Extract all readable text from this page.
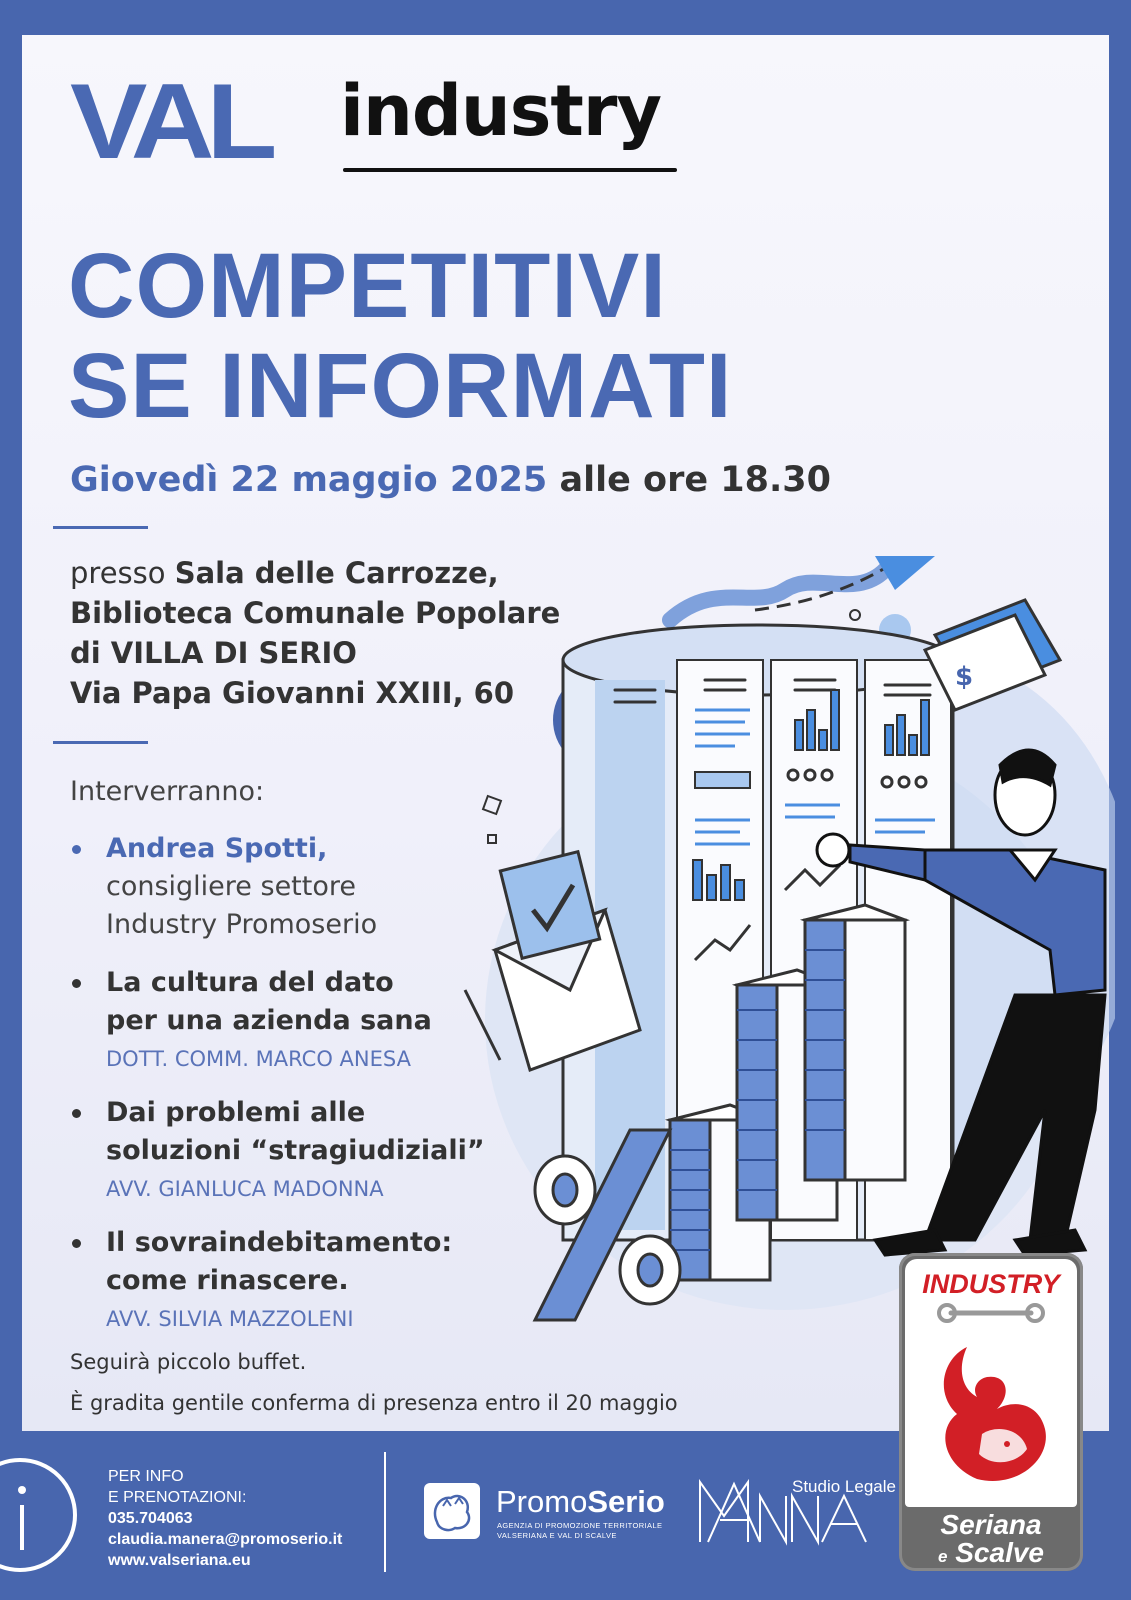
VAL industry
COMPETITIVI
SE INFORMATI
Giovedì 22 maggio 2025 alle ore 18.30
presso Sala delle Carrozze,
Biblioteca Comunale Popolare
di VILLA DI SERIO
Via Papa Giovanni XXIII, 60
Interverranno:
Andrea Spotti,
consigliere settore
Industry Promoserio
La cultura del dato
per una azienda sana
DOTT. COMM. MARCO ANESA
Dai problemi alle
soluzioni “stragiudiziali”
AVV. GIANLUCA MADONNA
Il sovraindebitamento:
come rinascere.
AVV. SILVIA MAZZOLENI
Seguirà piccolo buffet.
È gradita gentile conferma di presenza entro il 20 maggio
$
INDUSTRY
Seriana
e Scalve
PER INFO
E PRENOTAZIONI:
035.704063
claudia.manera@promoserio.it
www.valseriana.eu
PromoSerio
AGENZIA DI PROMOZIONE TERRITORIALE
VALSERIANA E VAL DI SCALVE
Studio Legale
